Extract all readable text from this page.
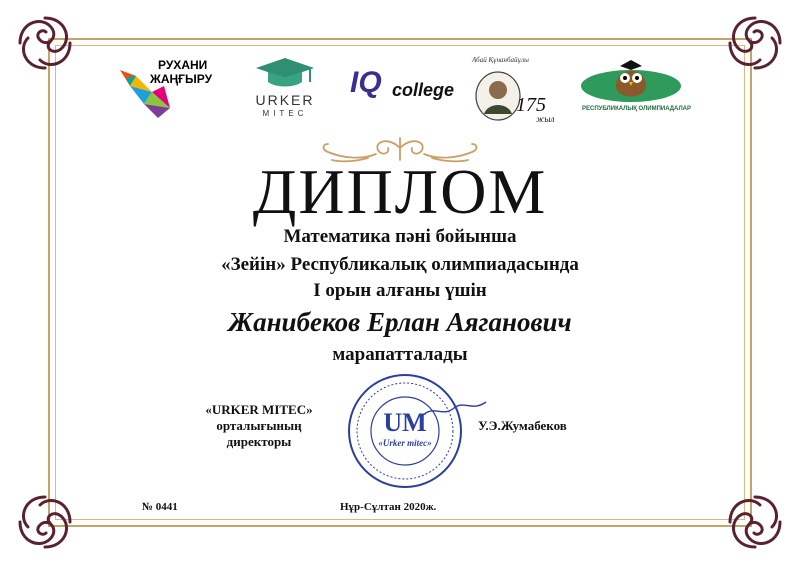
РУХАНИ
ЖАҢҒЫРУ
URKER
MITEC
IQ college
Абай Құнанбайұлы
175
жыл
РЕСПУБЛИКАЛЫҚ ОЛИМПИАДАЛАР
ДИПЛОМ
Математика пәні бойынша
«Зейін» Республикалық олимпиадасында
I орын алғаны үшін
Жанибеков Ерлан Аяганович
марапатталады
«URKER MITEC»
орталығының
директоры
UM
«Urker mitec»
У.Э.Жумабеков
№ 0441	Нұр-Сұлтан 2020ж.
